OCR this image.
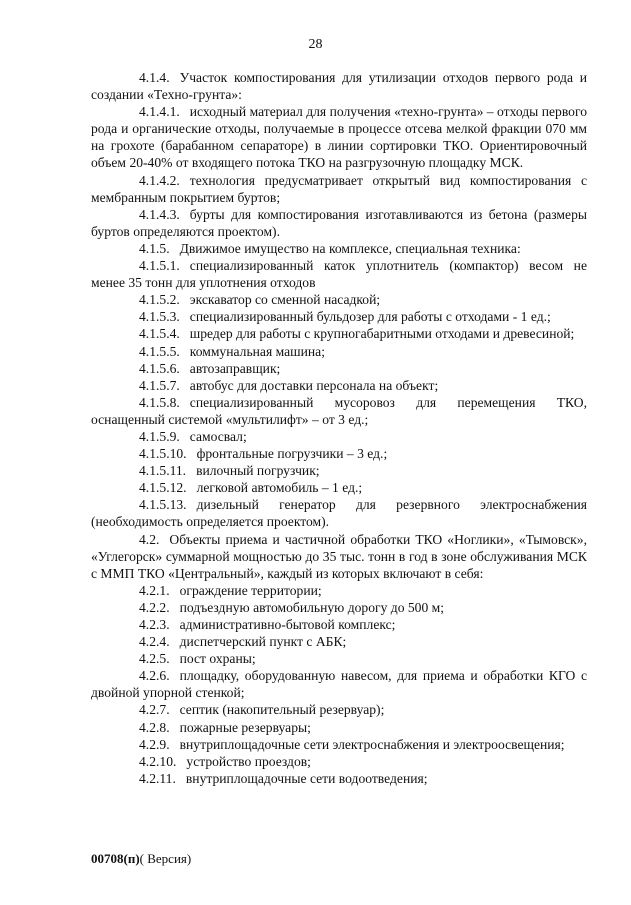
28

4.1.4. Участок компостирования для утилизации отходов первого рода и создании «Техно-грунта»:

4.1.4.1. исходный материал для получения «техно-грунта» – отходы первого рода и органические отходы, получаемые в процессе отсева мелкой фракции 070 мм на грохоте (барабанном сепараторе) в линии сортировки ТКО. Ориентировочный объем 20-40% от входящего потока ТКО на разгрузочную площадку МСК.

4.1.4.2. технология предусматривает открытый вид компостирования с мембранным покрытием буртов;

4.1.4.3. бурты для компостирования изготавливаются из бетона (размеры буртов определяются проектом).

4.1.5. Движимое имущество на комплексе, специальная техника:

4.1.5.1. специализированный каток уплотнитель (компактор) весом не менее 35 тонн для уплотнения отходов

4.1.5.2. экскаватор со сменной насадкой;

4.1.5.3. специализированный бульдозер для работы с отходами - 1 ед.;

4.1.5.4. шредер для работы с крупногабаритными отходами и древесиной;

4.1.5.5. коммунальная машина;

4.1.5.6. автозаправщик;

4.1.5.7. автобус для доставки персонала на объект;

4.1.5.8. специализированный мусоровоз для перемещения ТКО, оснащенный системой «мультилифт» – от 3 ед.;

4.1.5.9. самосвал;

4.1.5.10. фронтальные погрузчики – 3 ед.;

4.1.5.11. вилочный погрузчик;

4.1.5.12. легковой автомобиль – 1 ед.;

4.1.5.13. дизельный генератор для резервного электроснабжения (необходимость определяется проектом).

4.2. Объекты приема и частичной обработки ТКО «Ноглики», «Тымовск», «Углегорск» суммарной мощностью до 35 тыс. тонн в год в зоне обслуживания МСК с ММП ТКО «Центральный», каждый из которых включают в себя:

4.2.1. ограждение территории;

4.2.2. подъездную автомобильную дорогу до 500 м;

4.2.3. административно-бытовой комплекс;

4.2.4. диспетчерский пункт с АБК;

4.2.5. пост охраны;

4.2.6. площадку, оборудованную навесом, для приема и обработки КГО с двойной упорной стенкой;

4.2.7. септик (накопительный резервуар);

4.2.8. пожарные резервуары;

4.2.9. внутриплощадочные сети электроснабжения и электроосвещения;

4.2.10. устройство проездов;

4.2.11. внутриплощадочные сети водоотведения;

00708(п)( Версия)
